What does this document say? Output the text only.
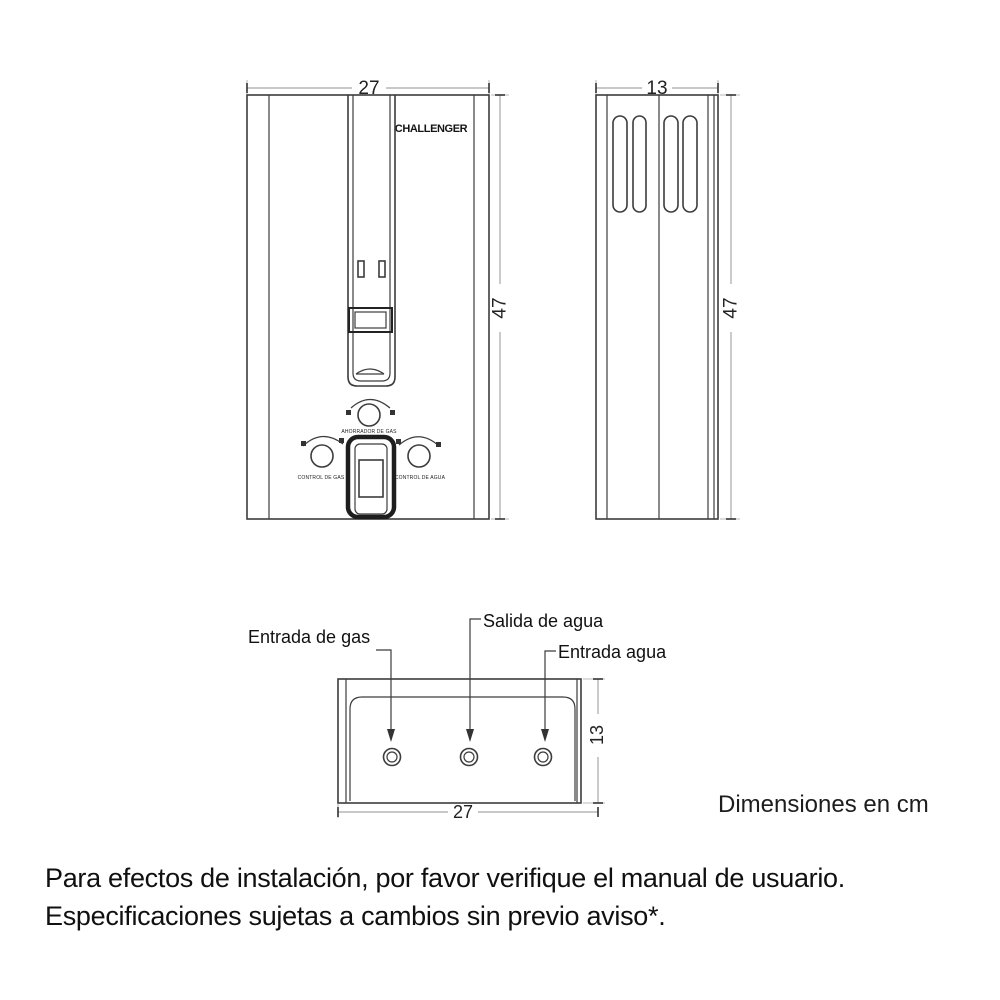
27
CHALLENGER
AHORRADOR DE GAS
CONTROL DE GAS	CONTROL DE AGUA
47
13
47
Entrada de gas
Salida de agua
Entrada agua
13
27	Dimensiones en cm
Para efectos de instalación, por favor verifique el manual de usuario.
Especificaciones sujetas a cambios sin previo aviso*.
